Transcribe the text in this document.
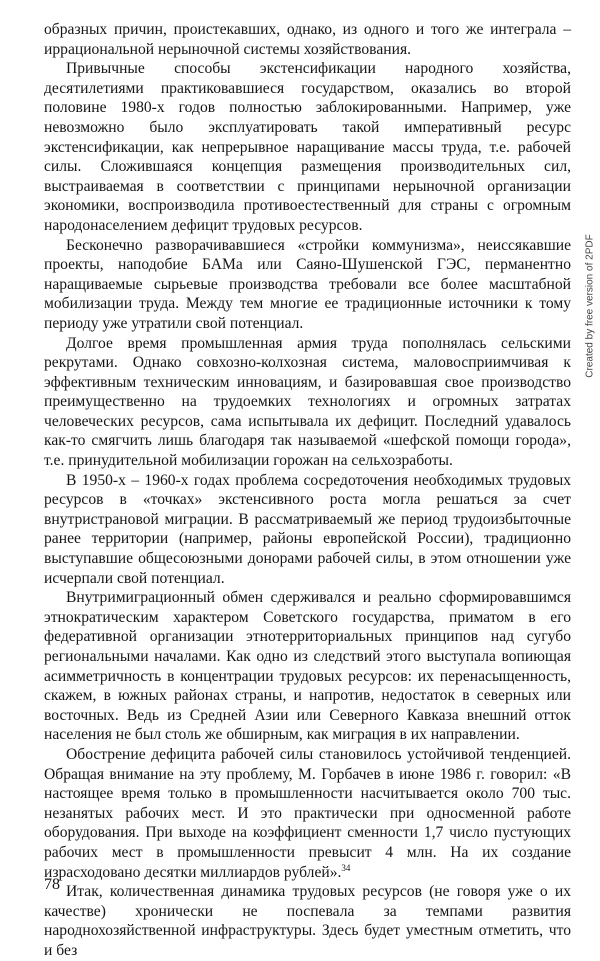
образных причин, проистекавших, однако, из одного и того же интеграла – иррациональной нерыночной системы хозяйствования.

Привычные способы экстенсификации народного хозяйства, десятилетиями практиковавшиеся государством, оказались во второй половине 1980-х годов полностью заблокированными. Например, уже невозможно было эксплуатировать такой императивный ресурс экстенсификации, как непрерывное наращивание массы труда, т.е. рабочей силы. Сложившаяся концепция размещения производительных сил, выстраиваемая в соответствии с принципами нерыночной организации экономики, воспроизводила противоестественный для страны с огромным народонаселением дефицит трудовых ресурсов.

Бесконечно разворачивавшиеся «стройки коммунизма», неиссякавшие проекты, наподобие БАМа или Саяно-Шушенской ГЭС, перманентно наращиваемые сырьевые производства требовали все более масштабной мобилизации труда. Между тем многие ее традиционные источники к тому периоду уже утратили свой потенциал.

Долгое время промышленная армия труда пополнялась сельскими рекрутами. Однако совхозно-колхозная система, маловосприимчивая к эффективным техническим инновациям, и базировавшая свое производство преимущественно на трудоемких технологиях и огромных затратах человеческих ресурсов, сама испытывала их дефицит. Последний удавалось как-то смягчить лишь благодаря так называемой «шефской помощи города», т.е. принудительной мобилизации горожан на сельхозработы.

В 1950-х – 1960-х годах проблема сосредоточения необходимых трудовых ресурсов в «точках» экстенсивного роста могла решаться за счет внутристрановой миграции. В рассматриваемый же период трудоизбыточные ранее территории (например, районы европейской России), традиционно выступавшие общесоюзными донорами рабочей силы, в этом отношении уже исчерпали свой потенциал.

Внутримиграционный обмен сдерживался и реально сформировавшимся этнократическим характером Советского государства, приматом в его федеративной организации этнотерриториальных принципов над сугубо региональными началами. Как одно из следствий этого выступала вопиющая асимметричность в концентрации трудовых ресурсов: их перенасыщенность, скажем, в южных районах страны, и напротив, недостаток в северных или восточных. Ведь из Средней Азии или Северного Кавказа внешний отток населения не был столь же обширным, как миграция в их направлении.

Обострение дефицита рабочей силы становилось устойчивой тенденцией. Обращая внимание на эту проблему, М. Горбачев в июне 1986 г. говорил: «В настоящее время только в промышленности насчитывается около 700 тыс. незанятых рабочих мест. И это практически при односменной работе оборудования. При выходе на коэффициент сменности 1,7 число пустующих рабочих мест в промышленности превысит 4 млн. На их создание израсходовано десятки миллиардов рублей».$^{34}$

Итак, количественная динамика трудовых ресурсов (не говоря уже о их качестве) хронически не поспевала за темпами развития народнохозяйственной инфраструктуры. Здесь будет уместным отметить, что и без

78
Created by free version of 2PDF
